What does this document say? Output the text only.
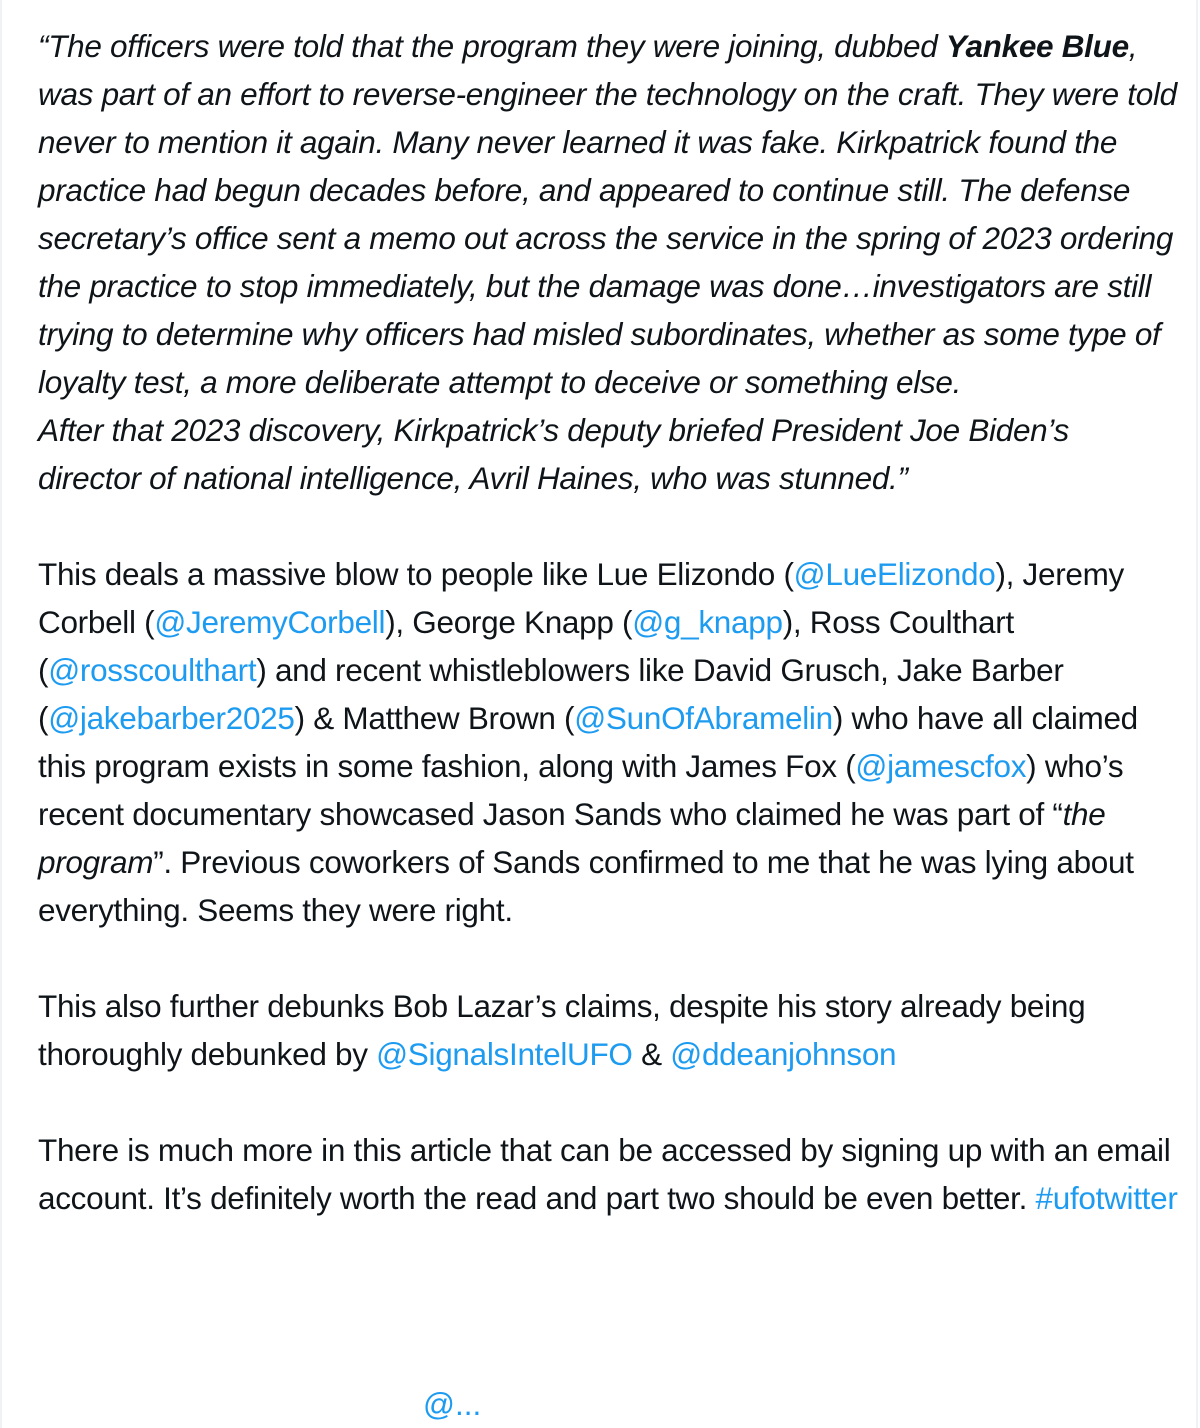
“The officers were told that the program they were joining, dubbed Yankee Blue, was part of an effort to reverse-engineer the technology on the craft. They were told never to mention it again. Many never learned it was fake. Kirkpatrick found the practice had begun decades before, and appeared to continue still. The defense secretary’s office sent a memo out across the service in the spring of 2023 ordering the practice to stop immediately, but the damage was done…investigators are still trying to determine why officers had misled subordinates, whether as some type of loyalty test, a more deliberate attempt to deceive or something else.

After that 2023 discovery, Kirkpatrick’s deputy briefed President Joe Biden’s director of national intelligence, Avril Haines, who was stunned.”

This deals a massive blow to people like Lue Elizondo (@LueElizondo), Jeremy Corbell (@JeremyCorbell), George Knapp (@g_knapp), Ross Coulthart (@rosscoulthart) and recent whistleblowers like David Grusch, Jake Barber (@jakebarber2025) & Matthew Brown (@SunOfAbramelin) who have all claimed this program exists in some fashion, along with James Fox (@jamescfox) who’s recent documentary showcased Jason Sands who claimed he was part of “the program”. Previous coworkers of Sands confirmed to me that he was lying about everything. Seems they were right.

This also further debunks Bob Lazar’s claims, despite his story already being thoroughly debunked by @SignalsIntelUFO & @ddeanjohnson

There is much more in this article that can be accessed by signing up with an email account. It’s definitely worth the read and part two should be even better. #ufotwitter

@...
